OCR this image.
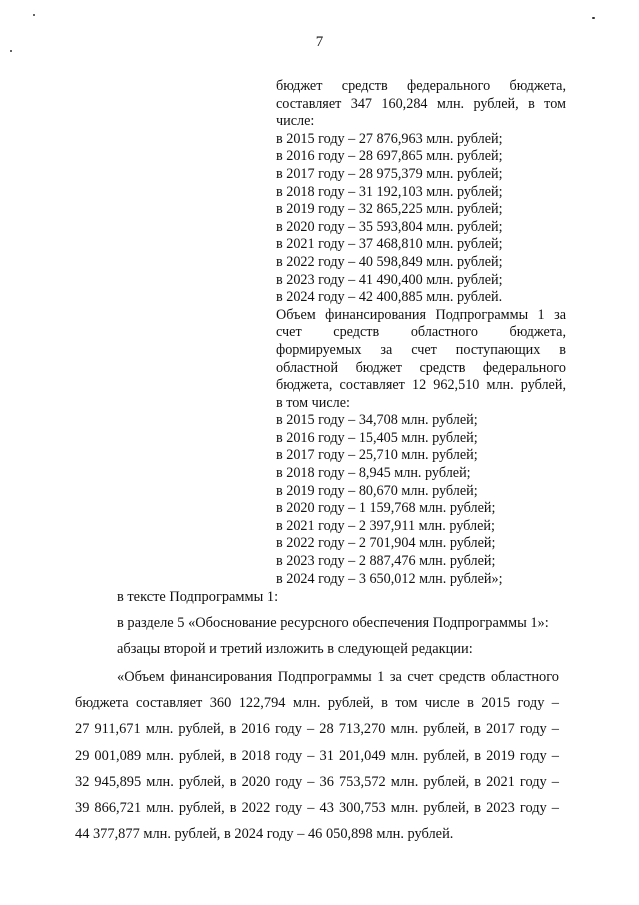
7
бюджет средств федерального бюджета,
составляет 347 160,284 млн. рублей, в том
числе:
в 2015 году – 27 876,963 млн. рублей;
в 2016 году – 28 697,865 млн. рублей;
в 2017 году – 28 975,379 млн. рублей;
в 2018 году – 31 192,103 млн. рублей;
в 2019 году – 32 865,225 млн. рублей;
в 2020 году – 35 593,804 млн. рублей;
в 2021 году – 37 468,810 млн. рублей;
в 2022 году – 40 598,849 млн. рублей;
в 2023 году – 41 490,400 млн. рублей;
в 2024 году – 42 400,885 млн. рублей.
Объем финансирования Подпрограммы 1 за
счет средств областного бюджета,
формируемых за счет поступающих в
областной бюджет средств федерального
бюджета, составляет 12 962,510 млн. рублей,
в том числе:
в 2015 году – 34,708 млн. рублей;
в 2016 году – 15,405 млн. рублей;
в 2017 году – 25,710 млн. рублей;
в 2018 году – 8,945 млн. рублей;
в 2019 году – 80,670 млн. рублей;
в 2020 году – 1 159,768 млн. рублей;
в 2021 году – 2 397,911 млн. рублей;
в 2022 году – 2 701,904 млн. рублей;
в 2023 году – 2 887,476 млн. рублей;
в 2024 году – 3 650,012 млн. рублей»;
в тексте Подпрограммы 1:
в разделе 5 «Обоснование ресурсного обеспечения Подпрограммы 1»:
абзацы второй и третий изложить в следующей редакции:
«Объем финансирования Подпрограммы 1 за счет средств областного
бюджета составляет 360 122,794 млн. рублей, в том числе в 2015 году –
27 911,671 млн. рублей, в 2016 году – 28 713,270 млн. рублей, в 2017 году –
29 001,089 млн. рублей, в 2018 году – 31 201,049 млн. рублей, в 2019 году –
32 945,895 млн. рублей, в 2020 году – 36 753,572 млн. рублей, в 2021 году –
39 866,721 млн. рублей, в 2022 году – 43 300,753 млн. рублей, в 2023 году –
44 377,877 млн. рублей, в 2024 году – 46 050,898 млн. рублей.
